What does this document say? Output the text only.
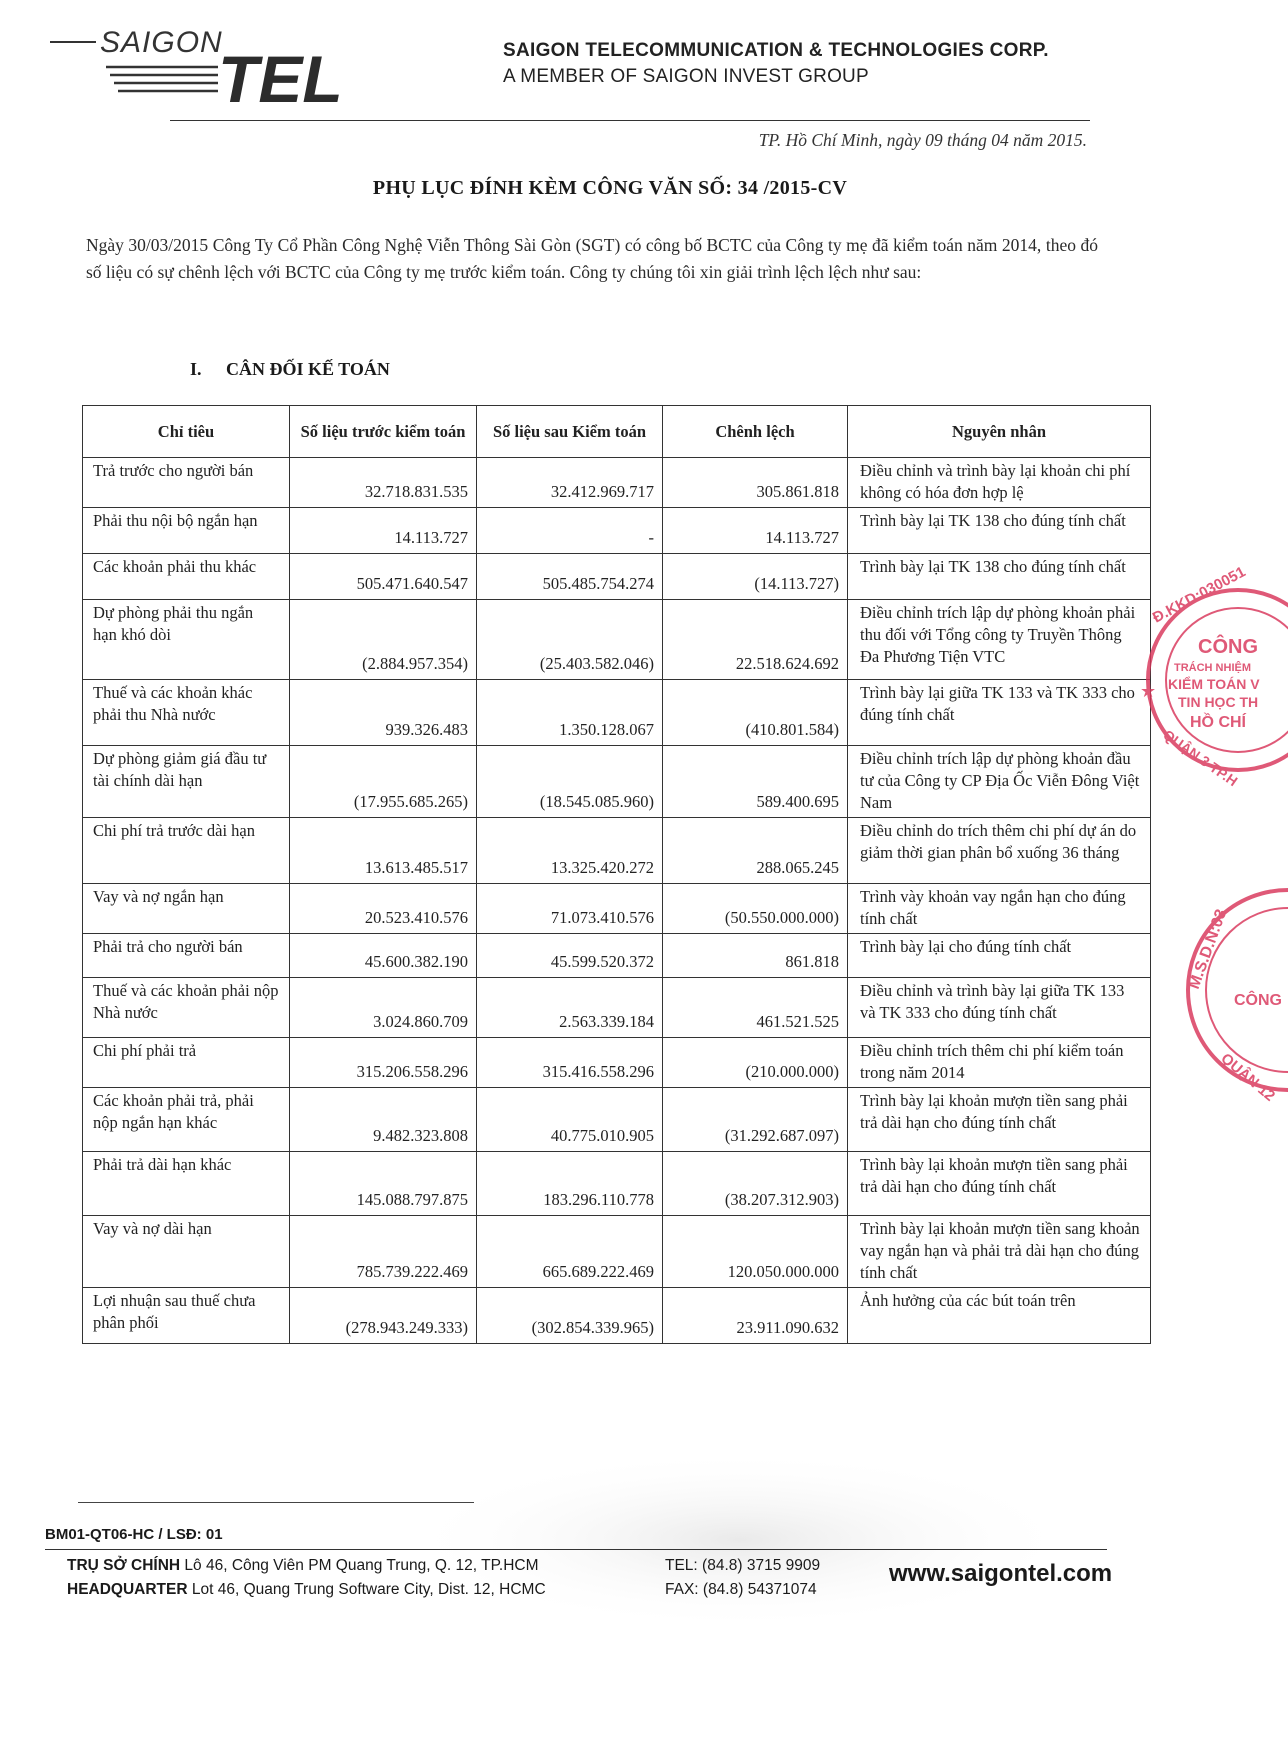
SAIGON
TEL	SAIGON TELECOMMUNICATION & TECHNOLOGIES CORP.
A MEMBER OF SAIGON INVEST GROUP
TP. Hồ Chí Minh, ngày 09 tháng 04 năm 2015.
PHỤ LỤC ĐÍNH KÈM CÔNG VĂN SỐ: 34 /2015-CV
Ngày 30/03/2015 Công Ty Cổ Phần Công Nghệ Viễn Thông Sài Gòn (SGT) có công bố BCTC của Công ty mẹ đã kiểm toán năm 2014, theo đó số liệu có sự chênh lệch với BCTC của Công ty mẹ trước kiểm toán. Công ty chúng tôi xin giải trình lệch lệch như sau:
I. CÂN ĐỐI KẾ TOÁN
Chỉ tiêu	Số liệu trước kiểm toán	Số liệu sau Kiểm toán	Chênh lệch	Nguyên nhân
Trả trước cho người bán	32.718.831.535	32.412.969.717	305.861.818	Điều chỉnh và trình bày lại khoản chi phí không có hóa đơn hợp lệ
Phải thu nội bộ ngắn hạn	14.113.727	-	14.113.727	Trình bày lại TK 138 cho đúng tính chất
Các khoản phải thu khác	505.471.640.547	505.485.754.274	(14.113.727)	Trình bày lại TK 138 cho đúng tính chất
Dự phòng phải thu ngắn hạn khó dòi	(2.884.957.354)	(25.403.582.046)	22.518.624.692	Điều chỉnh trích lập dự phòng khoản phải thu đối với Tổng công ty Truyền Thông Đa Phương Tiện VTC
Thuế và các khoản khác phải thu Nhà nước	939.326.483	1.350.128.067	(410.801.584)	Trình bày lại giữa TK 133 và TK 333 cho đúng tính chất
Dự phòng giảm giá đầu tư tài chính dài hạn	(17.955.685.265)	(18.545.085.960)	589.400.695	Điều chỉnh trích lập dự phòng khoản đầu tư của Công ty CP Địa Ốc Viễn Đông Việt Nam
Chi phí trả trước dài hạn	13.613.485.517	13.325.420.272	288.065.245	Điều chỉnh do trích thêm chi phí dự án do giảm thời gian phân bổ xuống 36 tháng
Vay và nợ ngắn hạn	20.523.410.576	71.073.410.576	(50.550.000.000)	Trình vày khoản vay ngắn hạn cho đúng tính chất
Phải trả cho người bán	45.600.382.190	45.599.520.372	861.818	Trình bày lại cho đúng tính chất
Thuế và các khoản phải nộp Nhà nước	3.024.860.709	2.563.339.184	461.521.525	Điều chỉnh và trình bày lại giữa TK 133 và TK 333 cho đúng tính chất
Chi phí phải trả	315.206.558.296	315.416.558.296	(210.000.000)	Điều chỉnh trích thêm chi phí kiểm toán trong năm 2014
Các khoản phải trả, phải nộp ngắn hạn khác	9.482.323.808	40.775.010.905	(31.292.687.097)	Trình bày lại khoản mượn tiền sang phải trả dài hạn cho đúng tính chất
Phải trả dài hạn khác	145.088.797.875	183.296.110.778	(38.207.312.903)	Trình bày lại khoản mượn tiền sang phải trả dài hạn cho đúng tính chất
Vay và nợ dài hạn	785.739.222.469	665.689.222.469	120.050.000.000	Trình bày lại khoản mượn tiền sang khoản vay ngắn hạn và phải trả dài hạn cho đúng tính chất
Lợi nhuận sau thuế chưa phân phối	(278.943.249.333)	(302.854.339.965)	23.911.090.632	Ảnh hưởng của các bút toán trên
Đ.KKD:030051
CÔNG
TRÁCH NHIỆM
KIỂM TOÁN V
TIN HỌC TH
HỒ CHÍ
QUẬN 3 TP.H
★
M.S.D.N:03
CÔNG
QUẬN 12
BM01-QT06-HC / LSĐ: 01
TRỤ SỞ CHÍNH Lô 46, Công Viên PM Quang Trung, Q. 12, TP.HCM
HEADQUARTER Lot 46, Quang Trung Software City, Dist. 12, HCMC
TEL: (84.8) 3715 9909
FAX: (84.8) 54371074
www.saigontel.com
